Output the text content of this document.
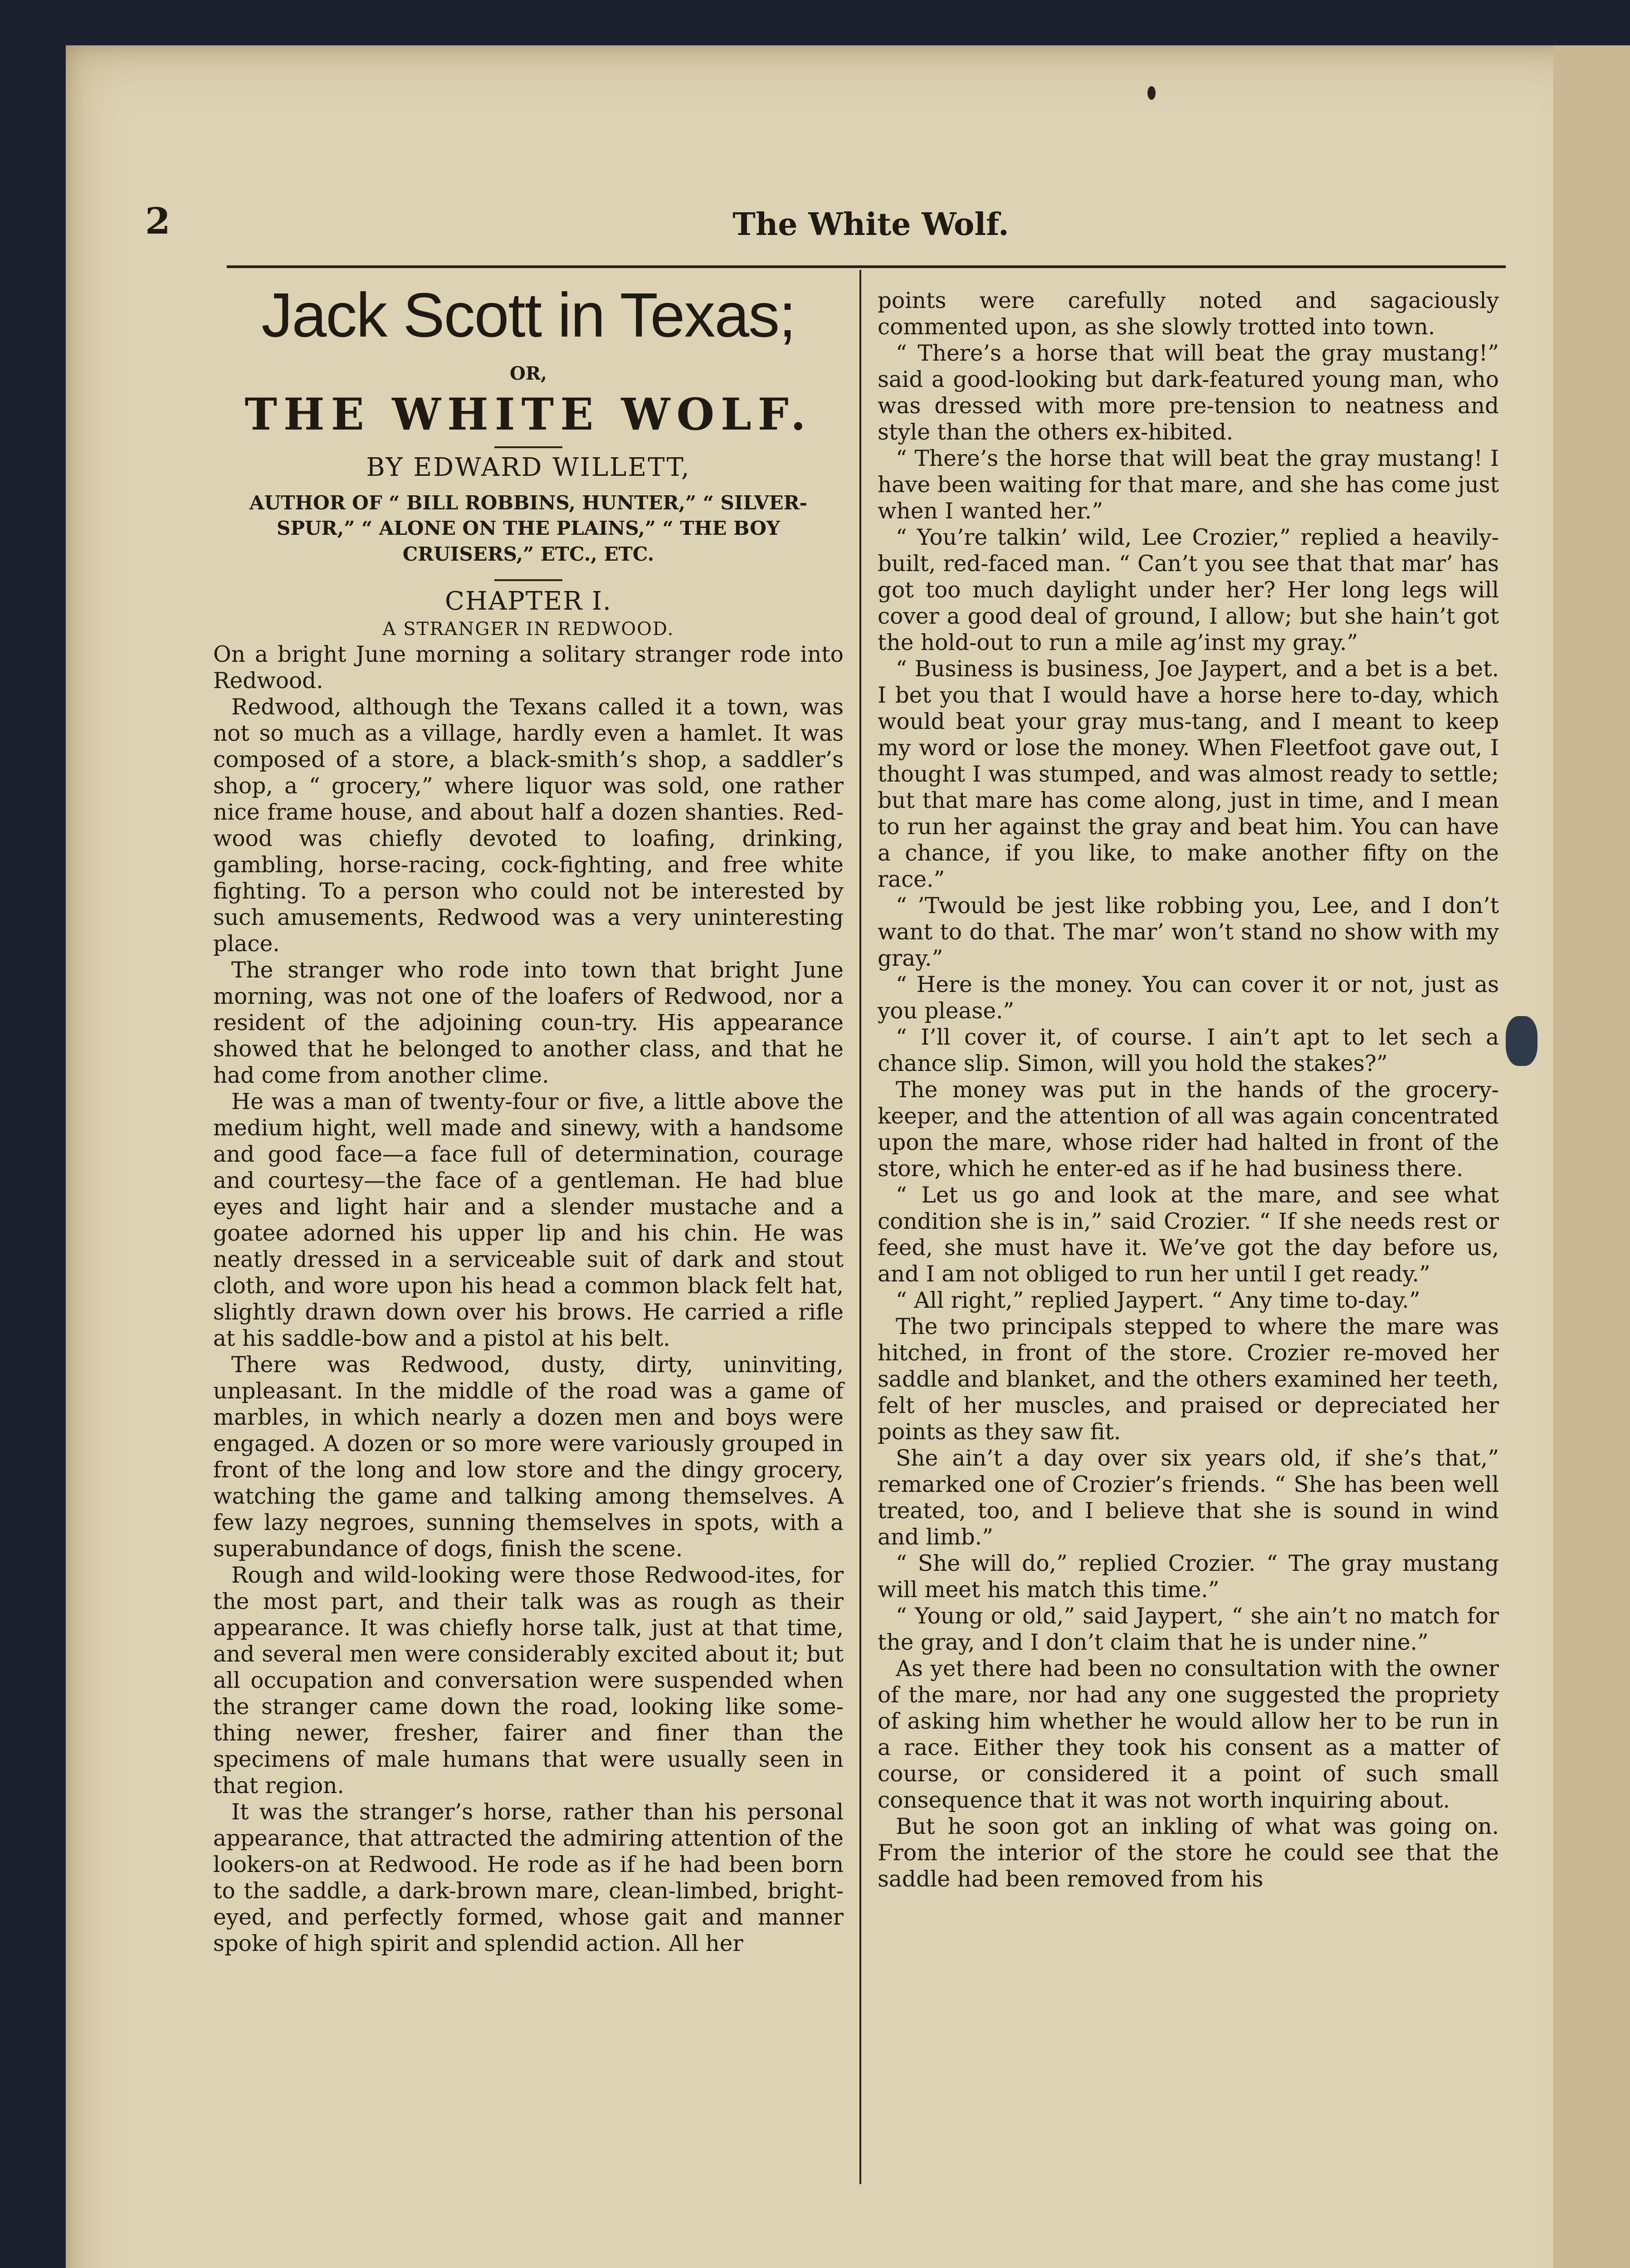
2	The White Wolf.
Jack Scott in Texas;
OR,
THE WHITE WOLF.
BY EDWARD WILLETT,
AUTHOR OF “ BILL ROBBINS, HUNTER,” “ SILVER-SPUR,” “ ALONE ON THE PLAINS,” “ THE BOY CRUISERS,” ETC., ETC.
CHAPTER I.
A STRANGER IN REDWOOD.

On a bright June morning a solitary stranger rode into Redwood.

Redwood, although the Texans called it a town, was not so much as a village, hardly even a hamlet. It was composed of a store, a black-smith’s shop, a saddler’s shop, a “ grocery,” where liquor was sold, one rather nice frame house, and about half a dozen shanties. Red-wood was chiefly devoted to loafing, drinking, gambling, horse-racing, cock-fighting, and free white fighting. To a person who could not be interested by such amusements, Redwood was a very uninteresting place.

The stranger who rode into town that bright June morning, was not one of the loafers of Redwood, nor a resident of the adjoining coun-try. His appearance showed that he belonged to another class, and that he had come from another clime.

He was a man of twenty-four or five, a little above the medium hight, well made and sinewy, with a handsome and good face—a face full of determination, courage and courtesy—the face of a gentleman. He had blue eyes and light hair and a slender mustache and a goatee adorned his upper lip and his chin. He was neatly dressed in a serviceable suit of dark and stout cloth, and wore upon his head a common black felt hat, slightly drawn down over his brows. He carried a rifle at his saddle-bow and a pistol at his belt.

There was Redwood, dusty, dirty, uninviting, unpleasant. In the middle of the road was a game of marbles, in which nearly a dozen men and boys were engaged. A dozen or so more were variously grouped in front of the long and low store and the dingy grocery, watching the game and talking among themselves. A few lazy negroes, sunning themselves in spots, with a superabundance of dogs, finish the scene.

Rough and wild-looking were those Redwood-ites, for the most part, and their talk was as rough as their appearance. It was chiefly horse talk, just at that time, and several men were considerably excited about it; but all occupation and conversation were suspended when the stranger came down the road, looking like some-thing newer, fresher, fairer and finer than the specimens of male humans that were usually seen in that region.

It was the stranger’s horse, rather than his personal appearance, that attracted the admiring attention of the lookers-on at Redwood. He rode as if he had been born to the saddle, a dark-brown mare, clean-limbed, bright-eyed, and perfectly formed, whose gait and manner spoke of high spirit and splendid action. All her

points were carefully noted and sagaciously commented upon, as she slowly trotted into town.

“ There’s a horse that will beat the gray mustang!” said a good-looking but dark-featured young man, who was dressed with more pre-tension to neatness and style than the others ex-hibited.

“ There’s the horse that will beat the gray mustang! I have been waiting for that mare, and she has come just when I wanted her.”

“ You’re talkin’ wild, Lee Crozier,” replied a heavily-built, red-faced man. “ Can’t you see that that mar’ has got too much daylight under her? Her long legs will cover a good deal of ground, I allow; but she hain’t got the hold-out to run a mile ag’inst my gray.”

“ Business is business, Joe Jaypert, and a bet is a bet. I bet you that I would have a horse here to-day, which would beat your gray mus-tang, and I meant to keep my word or lose the money. When Fleetfoot gave out, I thought I was stumped, and was almost ready to settle; but that mare has come along, just in time, and I mean to run her against the gray and beat him. You can have a chance, if you like, to make another fifty on the race.”

“ ’Twould be jest like robbing you, Lee, and I don’t want to do that. The mar’ won’t stand no show with my gray.”

“ Here is the money. You can cover it or not, just as you please.”

“ I’ll cover it, of course. I ain’t apt to let sech a chance slip. Simon, will you hold the stakes?”

The money was put in the hands of the grocery-keeper, and the attention of all was again concentrated upon the mare, whose rider had halted in front of the store, which he enter-ed as if he had business there.

“ Let us go and look at the mare, and see what condition she is in,” said Crozier. “ If she needs rest or feed, she must have it. We’ve got the day before us, and I am not obliged to run her until I get ready.”

“ All right,” replied Jaypert. “ Any time to-day.”

The two principals stepped to where the mare was hitched, in front of the store. Crozier re-moved her saddle and blanket, and the others examined her teeth, felt of her muscles, and praised or depreciated her points as they saw fit.

She ain’t a day over six years old, if she’s that,” remarked one of Crozier’s friends. “ She has been well treated, too, and I believe that she is sound in wind and limb.”

“ She will do,” replied Crozier. “ The gray mustang will meet his match this time.”

“ Young or old,” said Jaypert, “ she ain’t no match for the gray, and I don’t claim that he is under nine.”

As yet there had been no consultation with the owner of the mare, nor had any one suggested the propriety of asking him whether he would allow her to be run in a race. Either they took his consent as a matter of course, or considered it a point of such small consequence that it was not worth inquiring about.

But he soon got an inkling of what was going on. From the interior of the store he could see that the saddle had been removed from his
